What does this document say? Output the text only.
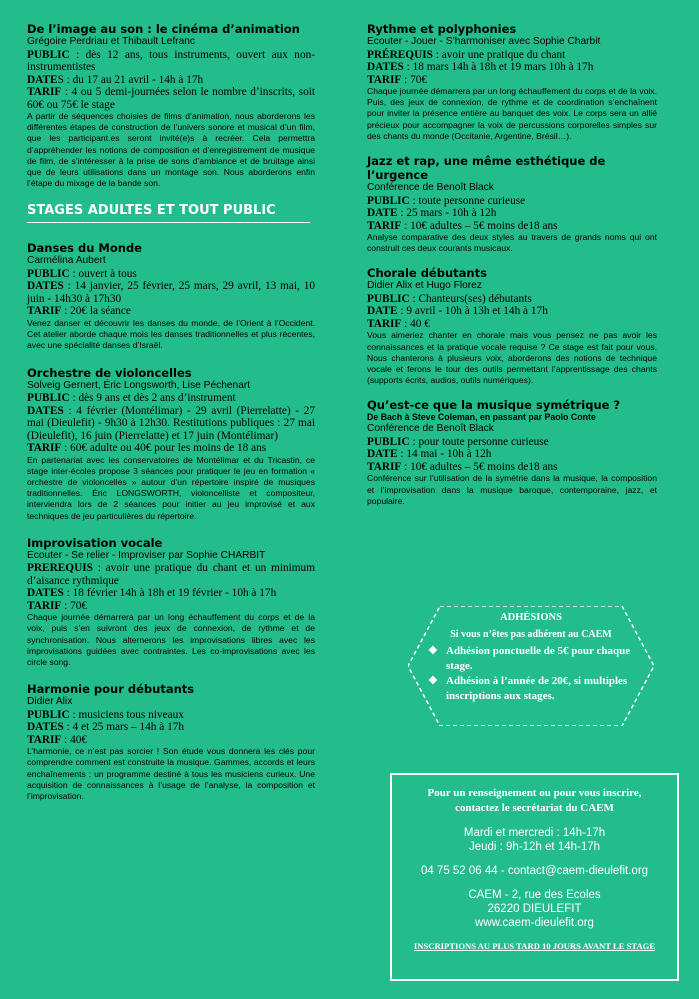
De l’image au son : le cinéma d’animation

Grégoire Perdriau et Thibault Lefranc

PUBLIC : dès 12 ans, tous instruments, ouvert aux non-instrumentistes

DATES : du 17 au 21 avril - 14h à 17h

TARIF : 4 ou 5 demi-journées selon le nombre d’inscrits, soit 60€ ou 75€ le stage

A partir de séquences choisies de films d’animation, nous aborderons les différentes étapes de construction de l’univers sonore et musical d’un film, que les participant.es seront invité(e)s à recréer. Cela permettra d’appréhender les notions de composition et d’enregistrement de musique de film, de s’intéresser à la prise de sons d’ambiance et de bruitage ainsi que de leurs utilisations dans un montage son. Nous aborderons enfin l’étape du mixage de la bande son.

STAGES ADULTES ET TOUT PUBLIC
Danses du Monde

Carmélina Aubert

PUBLIC : ouvert à tous

DATES : 14 janvier, 25 février, 25 mars, 29 avril, 13 mai, 10 juin - 14h30 à 17h30

TARIF : 20€ la séance

Venez danser et découvrir les danses du monde, de l’Orient à l’Occident. Cet atelier aborde chaque mois les danses traditionnelles et plus récentes, avec une spécialité danses d’Israël.

Orchestre de violoncelles

Solveig Gernert, Éric Longsworth, Lise Péchenart

PUBLIC : dès 9 ans et dès 2 ans d’instrument

DATES : 4 février (Montélimar) - 29 avril (Pierrelatte) - 27 mai (Dieulefit) - 9h30 à 12h30. Restitutions publiques : 27 mai (Dieulefit), 16 juin (Pierrelatte) et 17 juin (Montélimar)

TARIF : 60€ adulte ou 40€ pour les moins de 18 ans

En partenariat avec les conservatoires de Montélimar et du Tricastin, ce stage inter-écoles propose 3 séances pour pratiquer le jeu en formation « orchestre de violoncelles » autour d’un répertoire inspiré de musiques traditionnelles. Éric LONGSWORTH, violoncelliste et compositeur, interviendra lors de 2 séances pour initier au jeu improvisé et aux techniques de jeu particulières du répertoire.

Improvisation vocale

Ecouter - Se relier - Improviser par Sophie CHARBIT

PREREQUIS : avoir une pratique du chant et un minimum d’aisance rythmique

DATES : 18 février 14h à 18h et 19 février - 10h à 17h

TARIF : 70€

Chaque journée démarrera par un long échauffement du corps et de la voix, puis s’en suivront des jeux de connexion, de rythme et de synchronisation. Nous alternerons les improvisations libres avec les improvisations guidées avec contraintes. Les co-improvisations avec les circle song.

Harmonie pour débutants

Didier Alix

PUBLIC : musiciens tous niveaux

DATES : 4 et 25 mars – 14h à 17h

TARIF : 40€

L’harmonie, ce n’est pas sorcier ! Son étude vous donnera les clés pour comprendre comment est construite la musique. Gammes, accords et leurs enchaînements : un programme destiné à tous les musiciens curieux. Une acquisition de connaissances à l’usage de l’analyse, la composition et l’improvisation.

Rythme et polyphonies

Ecouter - Jouer - S’harmoniser avec Sophie Charbit

PRÉREQUIS : avoir une pratique du chant

DATES : 18 mars 14h à 18h et 19 mars 10h à 17h

TARIF : 70€

Chaque journée démarrera par un long échauffement du corps et de la voix. Puis, des jeux de connexion, de rythme et de coordination s’enchaînent pour inviter la présence entière au banquet des voix. Le corps sera un allié précieux pour accompagner la voix de percussions corporelles simples sur des chants du monde (Occitanie, Argentine, Brésil…).

Jazz et rap, une même esthétique de l’urgence

Conférence de Benoît Black

PUBLIC : toute personne curieuse

DATE : 25 mars - 10h à 12h

TARIF : 10€ adultes – 5€ moins de18 ans

Analyse comparative des deux styles au travers de grands noms qui ont construit ces deux courants musicaux.

Chorale débutants

Didier Alix et Hugo Florez

PUBLIC : Chanteurs(ses) débutants

DATE : 9 avril - 10h à 13h et 14h à 17h

TARIF : 40 €

Vous aimeriez chanter en chorale mais vous pensez ne pas avoir les connaissances et la pratique vocale requise ? Ce stage est fait pour vous. Nous chanterons à plusieurs voix, aborderons des notions de technique vocale et ferons le tour des outils permettant l’apprentissage des chants (supports écrits, audios, outils numériques).

Qu’est-ce que la musique symétrique ?

De Bach à Steve Coleman, en passant par Paolo Conte

Conférence de Benoît Black

PUBLIC : pour toute personne curieuse

DATE : 14 mai - 10h à 12h

TARIF : 10€ adultes – 5€ moins de18 ans

Conférence sur l’utilisation de la symétrie dans la musique, la composition et l’improvisation dans la musique baroque, contemporaine, jazz, et populaire.

ADHÉSIONS
Si vous n’êtes pas adhérent au CAEM
❖ Adhésion ponctuelle de 5€ pour chaque stage.
❖ Adhésion à l’année de 20€, si multiples inscriptions aux stages.
Pour un renseignement ou pour vous inscrire,
contactez le secrétariat du CAEM
Mardi et mercredi : 14h-17h
Jeudi : 9h-12h et 14h-17h
04 75 52 06 44 - contact@caem-dieulefit.org
CAEM - 2, rue des Ecoles
26220 DIEULEFIT
www.caem-dieulefit.org
INSCRIPTIONS AU PLUS TARD 10 JOURS AVANT LE STAGE
